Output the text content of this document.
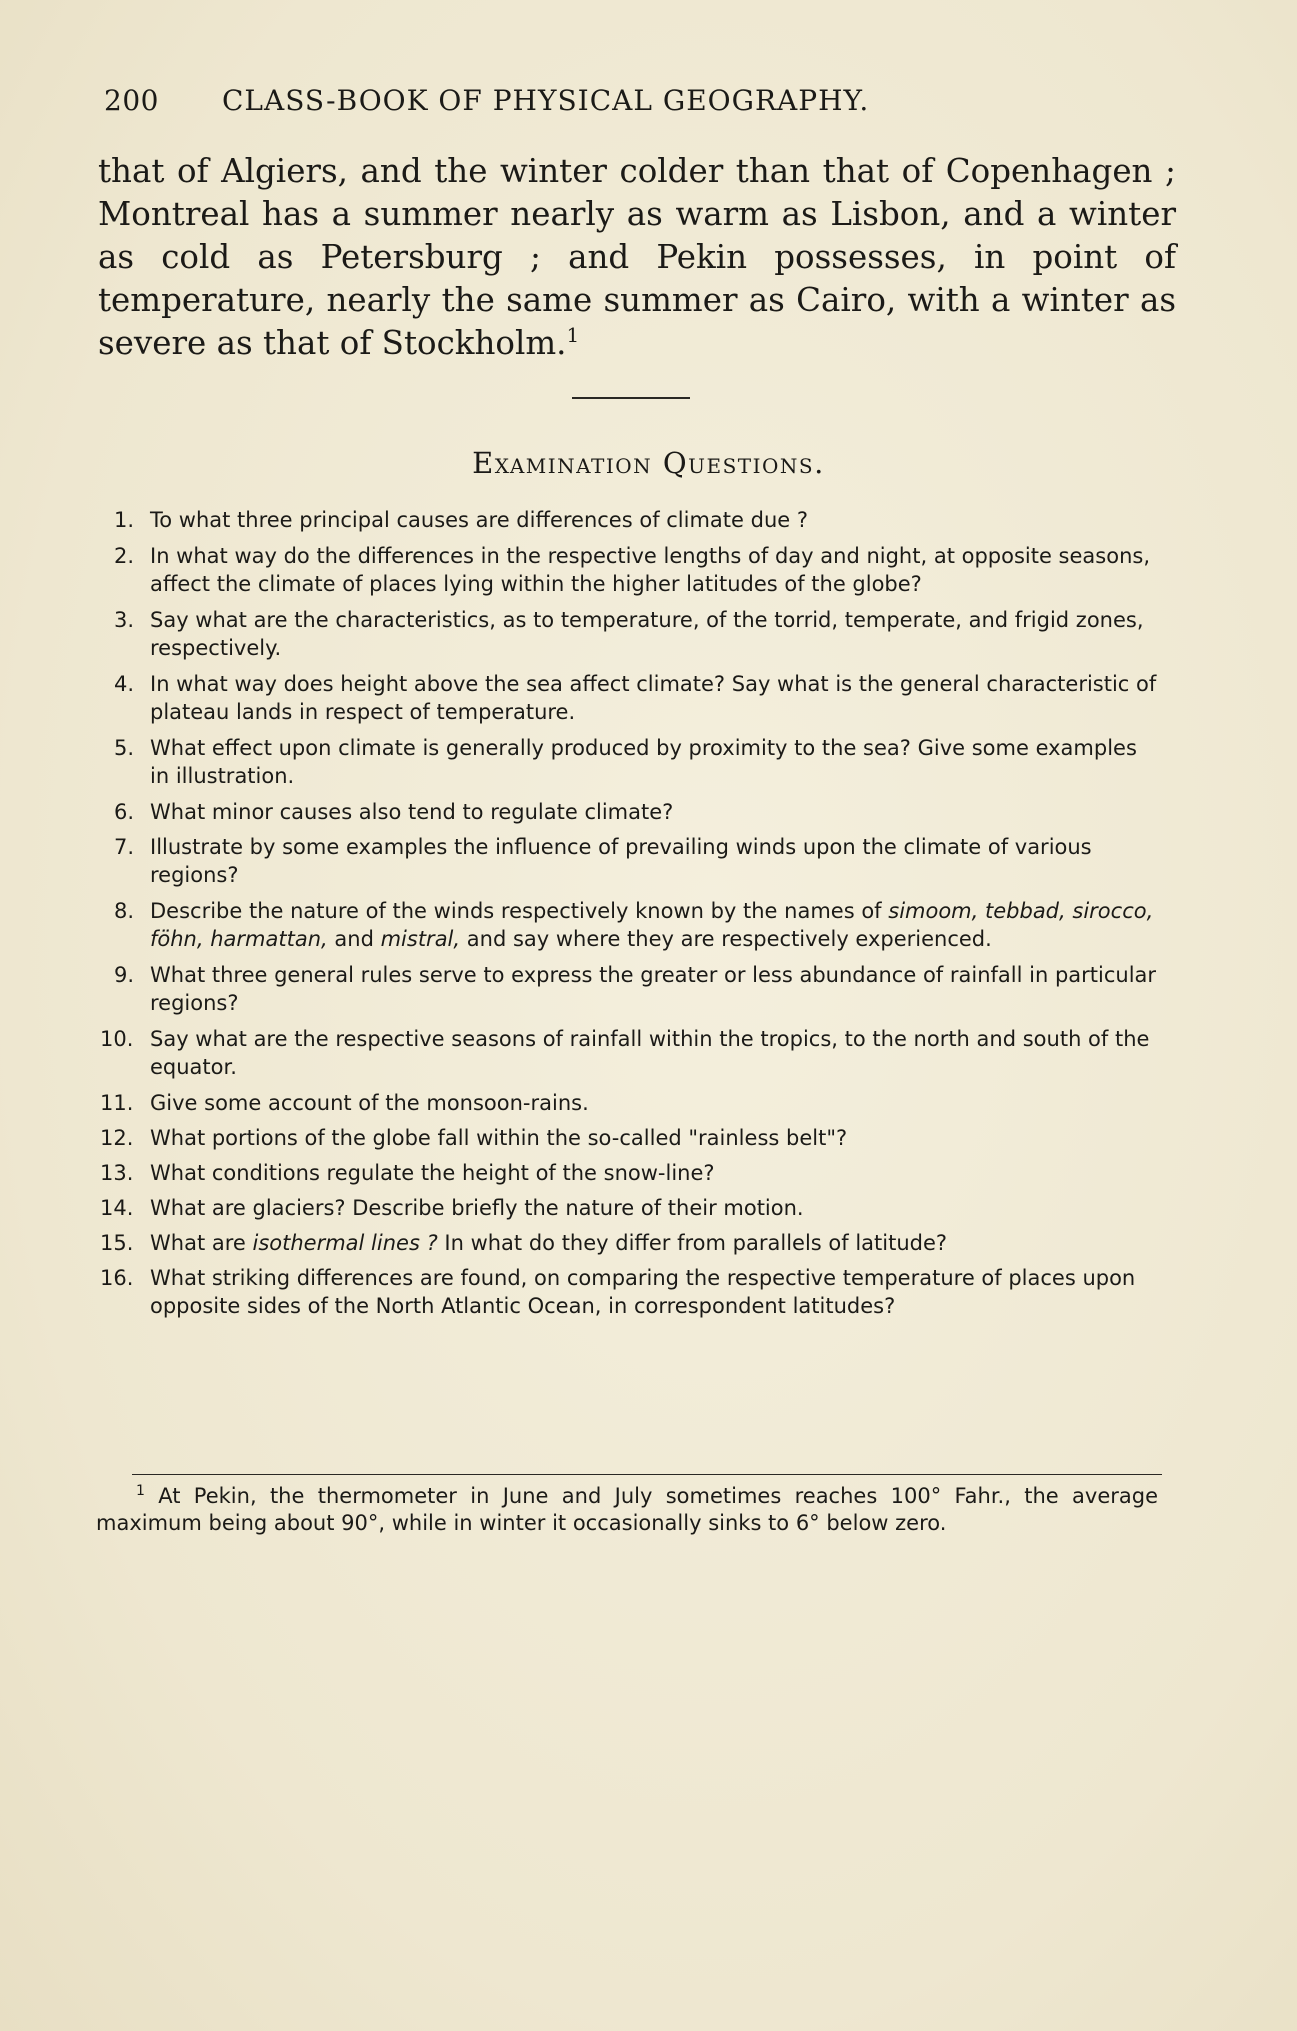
200 CLASS-BOOK OF PHYSICAL GEOGRAPHY.

that of Algiers, and the winter colder than that of Copenhagen ; Montreal has a summer nearly as warm as Lisbon, and a winter as cold as Petersburg ; and Pekin possesses, in point of temperature, nearly the same summer as Cairo, with a winter as severe as that of Stockholm.$^1$

Examination Questions.
1. To what three principal causes are differences of climate due ?
2. In what way do the differences in the respective lengths of day and night, at opposite seasons, affect the climate of places lying within the higher latitudes of the globe?
3. Say what are the characteristics, as to temperature, of the torrid, temperate, and frigid zones, respectively.
4. In what way does height above the sea affect climate? Say what is the general characteristic of plateau lands in respect of temperature.
5. What effect upon climate is generally produced by proximity to the sea? Give some examples in illustration.
6. What minor causes also tend to regulate climate?
7. Illustrate by some examples the influence of prevailing winds upon the climate of various regions?
8. Describe the nature of the winds respectively known by the names of simoom, tebbad, sirocco, föhn, harmattan, and mistral, and say where they are respectively experienced.
9. What three general rules serve to express the greater or less abundance of rainfall in particular regions?
10. Say what are the respective seasons of rainfall within the tropics, to the north and south of the equator.
11. Give some account of the monsoon-rains.
12. What portions of the globe fall within the so-called "rainless belt"?
13. What conditions regulate the height of the snow-line?
14. What are glaciers? Describe briefly the nature of their motion.
15. What are isothermal lines ? In what do they differ from parallels of latitude?
16. What striking differences are found, on comparing the respective temperature of places upon opposite sides of the North Atlantic Ocean, in correspondent latitudes?

$^1$ At Pekin, the thermometer in June and July sometimes reaches 100° Fahr., the average maximum being about 90°, while in winter it occasionally sinks to 6° below zero.
